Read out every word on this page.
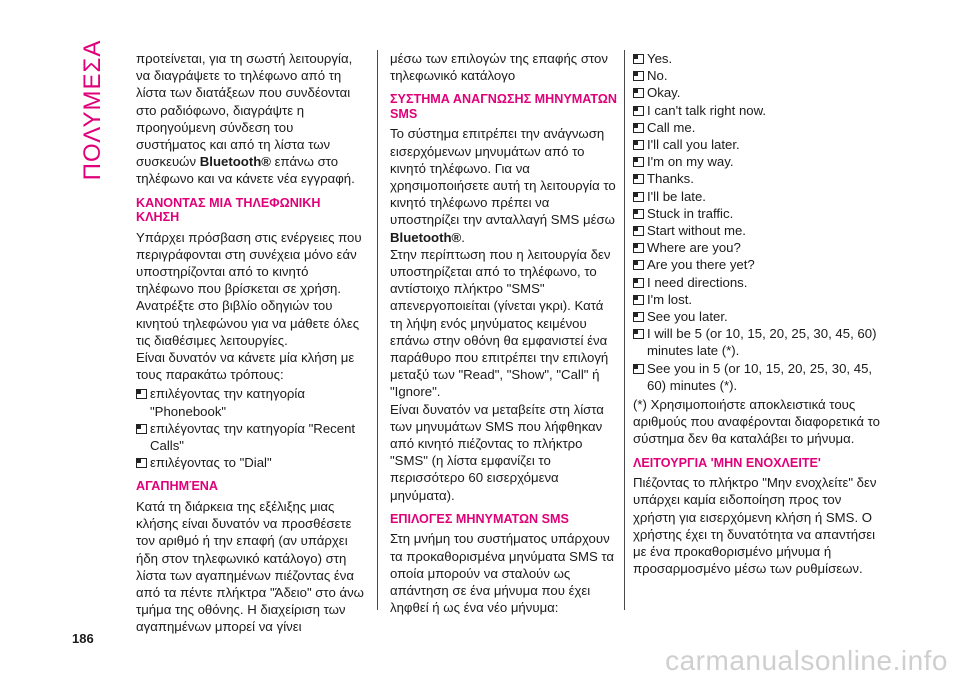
ΠΟΛΥΜΕΣΑ προτείνεται, για τη σωστή λειτουργία, να διαγράψετε το τηλέφωνο από τη λίστα των διατάξεων που συνδέονται στο ραδιόφωνο, διαγράψτε η προηγούμενη σύνδεση του συστήματος και από τη λίστα των συσκευών Bluetooth® επάνω στο τηλέφωνο και να κάνετε νέα εγγραφή.

ΚΑΝΟΝΤΑΣ ΜΙΑ ΤΗΛΕΦΩΝΙΚΗ ΚΛΗΣΗ

Υπάρχει πρόσβαση στις ενέργειες που περιγράφονται στη συνέχεια μόνο εάν υποστηρίζονται από το κινητό τηλέφωνο που βρίσκεται σε χρήση. Ανατρέξτε στο βιβλίο οδηγιών του κινητού τηλεφώνου για να μάθετε όλες τις διαθέσιμες λειτουργίες.

Είναι δυνατόν να κάνετε μία κλήση με τους παρακάτω τρόπους:

επιλέγοντας την κατηγορία "Phonebook"

επιλέγοντας την κατηγορία "Recent Calls"

επιλέγοντας το "Dial"

ΑΓΑΠΗΜΈΝΑ

Κατά τη διάρκεια της εξέλιξης μιας κλήσης είναι δυνατόν να προσθέσετε τον αριθμό ή την επαφή (αν υπάρχει ήδη στον τηλεφωνικό κατάλογο) στη λίστα των αγαπημένων πιέζοντας ένα από τα πέντε πλήκτρα "Άδειο" στο άνω τμήμα της οθόνης. Η διαχείριση των αγαπημένων μπορεί να γίνει

μέσω των επιλογών της επαφής στον τηλεφωνικό κατάλογο

ΣΥΣΤΗΜΑ ΑΝΑΓΝΩΣΗΣ ΜΗΝΥΜΑΤΩΝ SMS

Το σύστημα επιτρέπει την ανάγνωση εισερχόμενων μηνυμάτων από το κινητό τηλέφωνο. Για να χρησιμοποιήσετε αυτή τη λειτουργία το κινητό τηλέφωνο πρέπει να υποστηρίζει την ανταλλαγή SMS μέσω Bluetooth®.

Στην περίπτωση που η λειτουργία δεν υποστηρίζεται από το τηλέφωνο, το αντίστοιχο πλήκτρο "SMS" απενεργοποιείται (γίνεται γκρι). Κατά τη λήψη ενός μηνύματος κειμένου επάνω στην οθόνη θα εμφανιστεί ένα παράθυρο που επιτρέπει την επιλογή μεταξύ των "Read", "Show", "Call" ή "Ignore".

Είναι δυνατόν να μεταβείτε στη λίστα των μηνυμάτων SMS που λήφθηκαν από κινητό πιέζοντας το πλήκτρο "SMS" (η λίστα εμφανίζει το περισσότερο 60 εισερχόμενα μηνύματα).

ΕΠΙΛΟΓΕΣ ΜΗΝΥΜΑΤΩΝ SMS

Στη μνήμη του συστήματος υπάρχουν τα προκαθορισμένα μηνύματα SMS τα οποία μπορούν να σταλούν ως απάντηση σε ένα μήνυμα που έχει ληφθεί ή ως ένα νέο μήνυμα:

Yes.

No.

Okay.

I can't talk right now.

Call me.

I'll call you later.

I'm on my way.

Thanks.

I'll be late.

Stuck in traffic.

Start without me.

Where are you?

Are you there yet?

I need directions.

I'm lost.

See you later.

I will be 5 (or 10, 15, 20, 25, 30, 45, 60) minutes late (*).

See you in 5 (or 10, 15, 20, 25, 30, 45, 60) minutes (*).

(*) Χρησιμοποιήστε αποκλειστικά τους αριθμούς που αναφέρονται διαφορετικά το σύστημα δεν θα καταλάβει το μήνυμα.

ΛΕΙΤΟΥΡΓΙΑ 'ΜΗΝ ΕΝΟΧΛΕΙΤΕ'

Πιέζοντας το πλήκτρο "Μην ενοχλείτε" δεν υπάρχει καμία ειδοποίηση προς τον χρήστη για εισερχόμενη κλήση ή SMS. Ο χρήστης έχει τη δυνατότητα να απαντήσει με ένα προκαθορισμένο μήνυμα ή προσαρμοσμένο μέσω των ρυθμίσεων.

186
carmanualsonline.info
